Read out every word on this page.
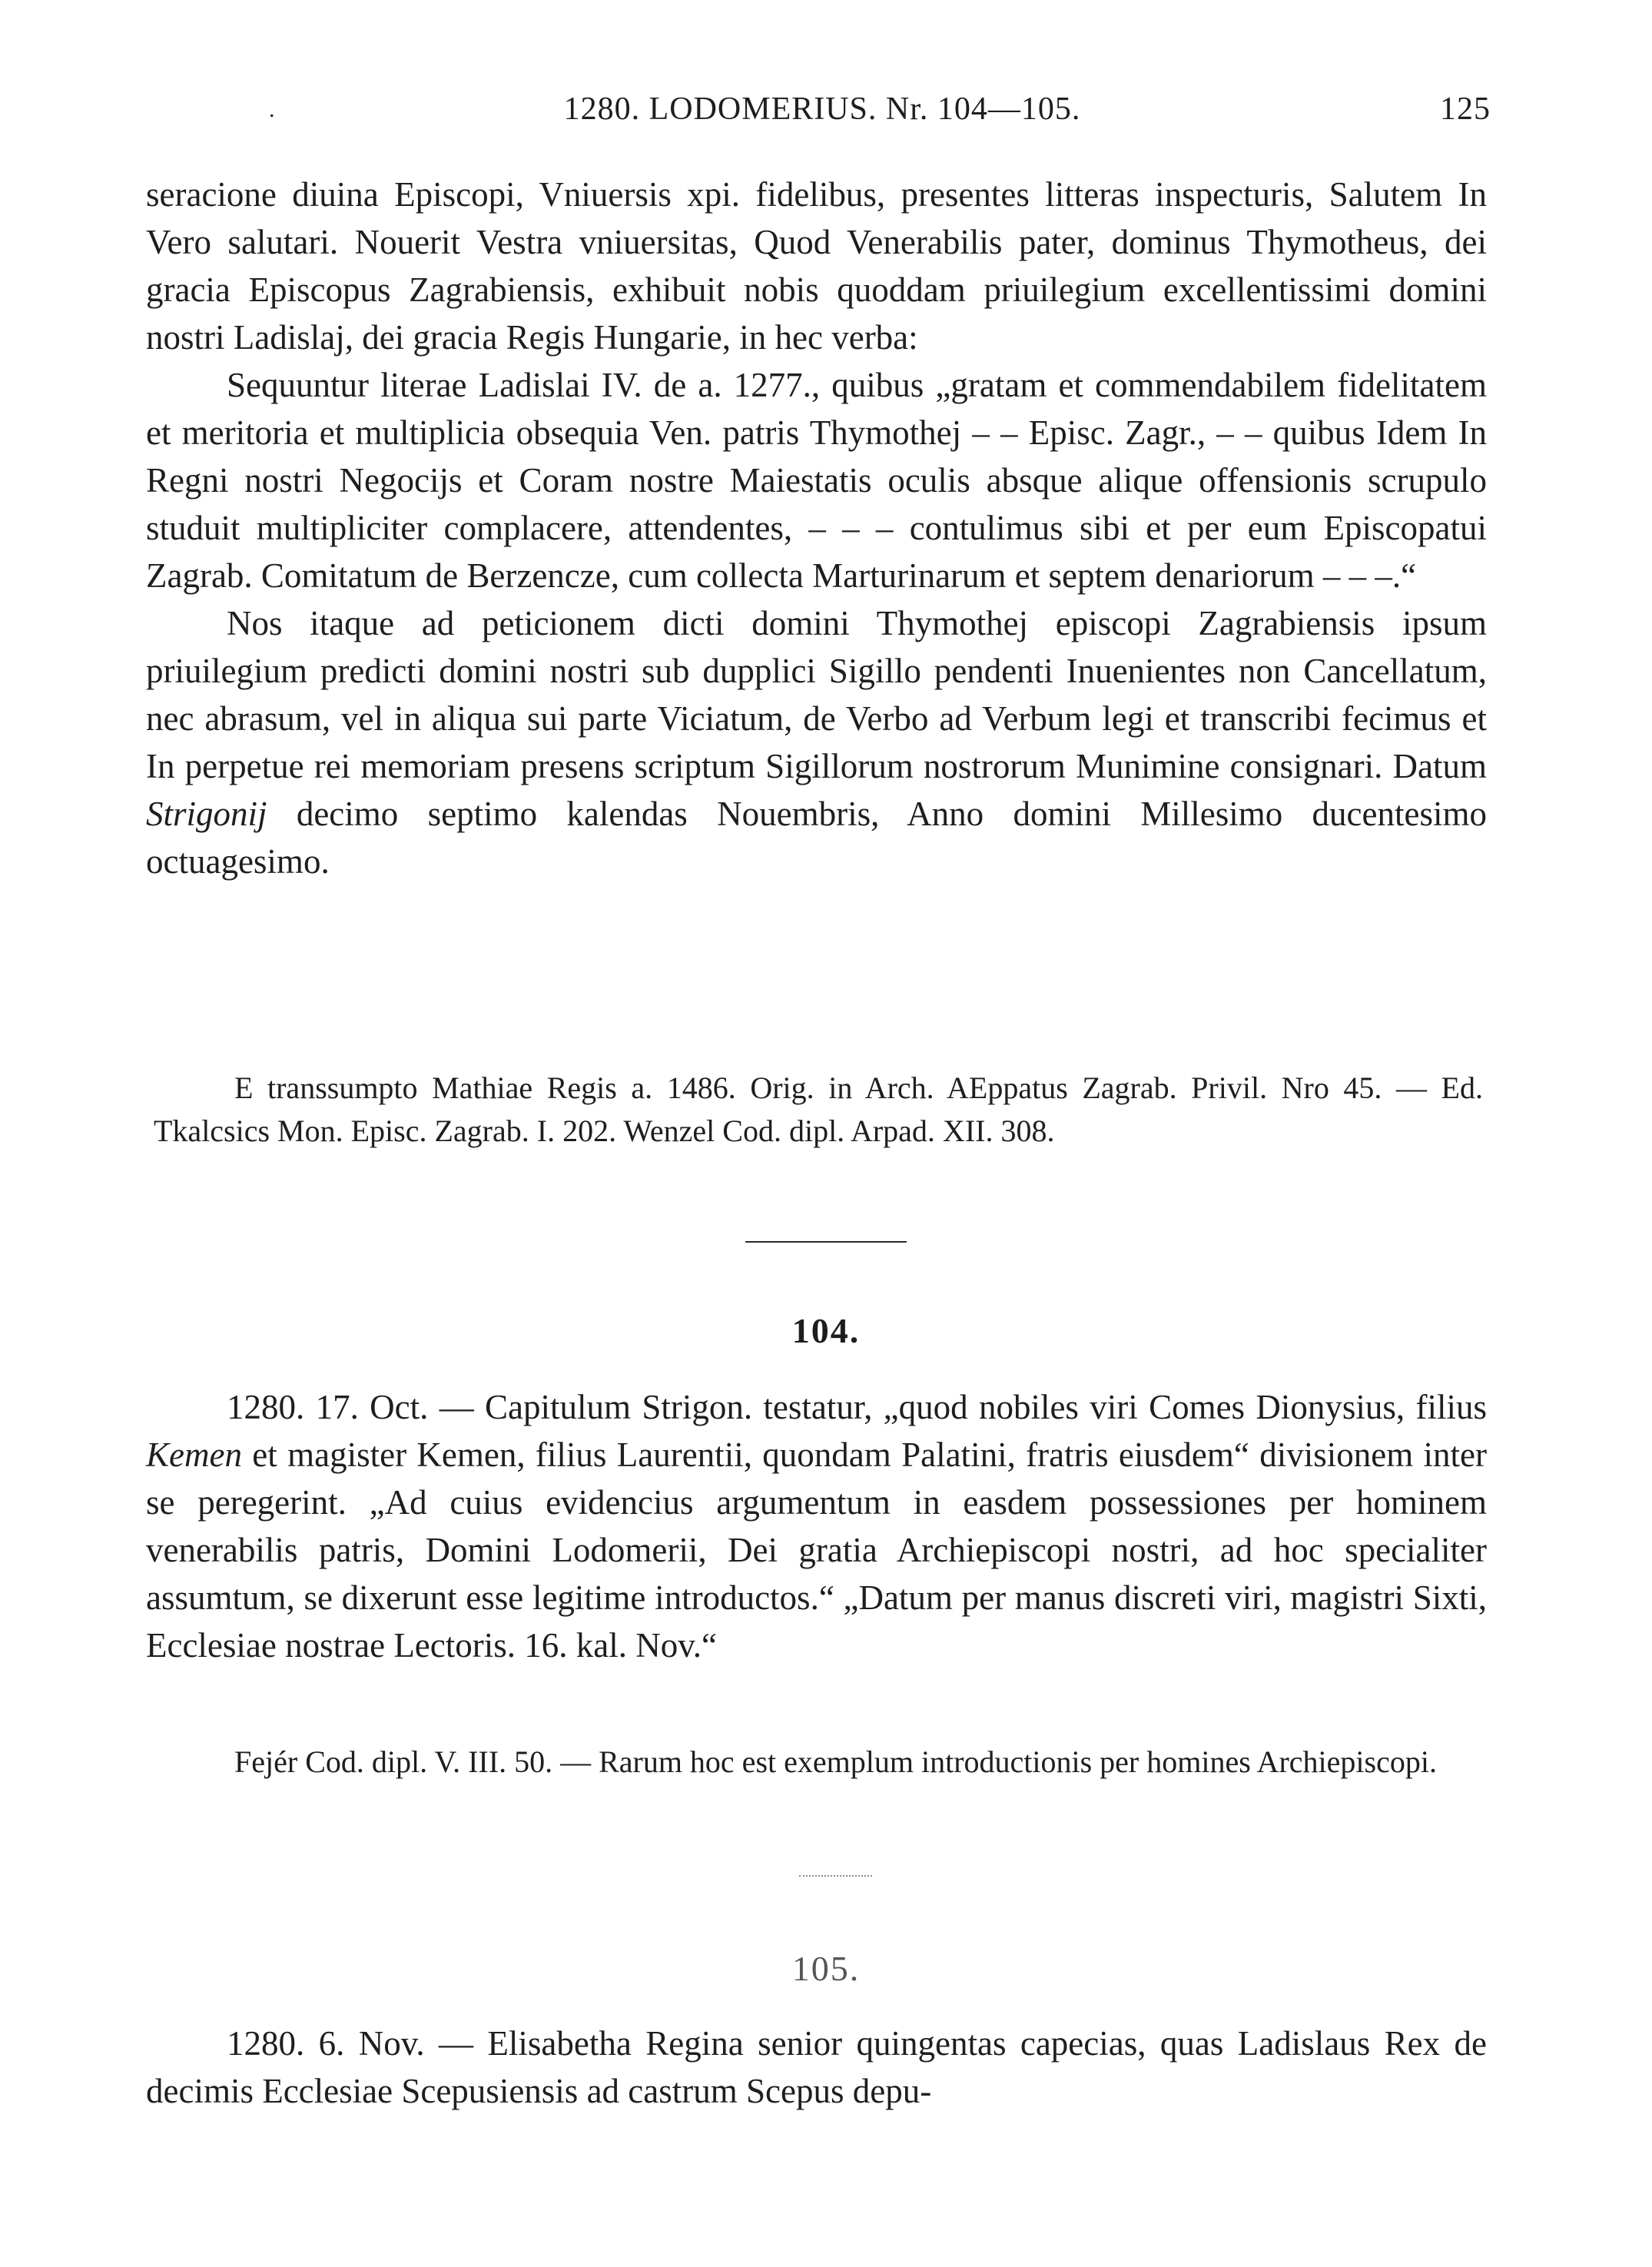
.	1280. LODOMERIUS. Nr. 104—105.	125

seracione diuina Episcopi, Vniuersis xpi. fidelibus, presentes litteras inspecturis, Salutem In Vero salutari. Nouerit Vestra vniuersitas, Quod Venerabilis pater, dominus Thymotheus, dei gracia Episcopus Zagrabiensis, exhibuit nobis quoddam priuilegium excellentissimi domini nostri Ladislaj, dei gracia Regis Hungarie, in hec verba:

Sequuntur literae Ladislai IV. de a. 1277., quibus „gratam et commendabilem fidelitatem et meritoria et multiplicia obsequia Ven. patris Thymothej – – Episc. Zagr., – – quibus Idem In Regni nostri Negocijs et Coram nostre Maiestatis oculis absque alique offensionis scrupulo studuit multipliciter complacere, attendentes, – – – contulimus sibi et per eum Episcopatui Zagrab. Comitatum de Berzencze, cum collecta Marturinarum et septem denariorum – – –.“

Nos itaque ad peticionem dicti domini Thymothej episcopi Zagrabiensis ipsum priuilegium predicti domini nostri sub dupplici Sigillo pendenti Inuenientes non Cancellatum, nec abrasum, vel in aliqua sui parte Viciatum, de Verbo ad Verbum legi et transcribi fecimus et In perpetue rei memoriam presens scriptum Sigillorum nostrorum Munimine consignari. Datum Strigonij decimo septimo kalendas Nouembris, Anno domini Millesimo ducentesimo octuagesimo.

E transsumpto Mathiae Regis a. 1486. Orig. in Arch. AEppatus Zagrab. Privil. Nro 45. — Ed. Tkalcsics Mon. Episc. Zagrab. I. 202. Wenzel Cod. dipl. Arpad. XII. 308.

104.

1280. 17. Oct. — Capitulum Strigon. testatur, „quod nobiles viri Comes Dionysius, filius Kemen et magister Kemen, filius Laurentii, quondam Palatini, fratris eiusdem“ divisionem inter se peregerint. „Ad cuius evidencius argumentum in easdem possessiones per hominem venerabilis patris, Domini Lodomerii, Dei gratia Archiepiscopi nostri, ad hoc specialiter assumtum, se dixerunt esse legitime introductos.“ „Datum per manus discreti viri, magistri Sixti, Ecclesiae nostrae Lectoris. 16. kal. Nov.“

Fejér Cod. dipl. V. III. 50. — Rarum hoc est exemplum introductionis per homines Archiepiscopi.

105.

1280. 6. Nov. — Elisabetha Regina senior quingentas capecias, quas Ladislaus Rex de decimis Ecclesiae Scepusiensis ad castrum Scepus depu-
